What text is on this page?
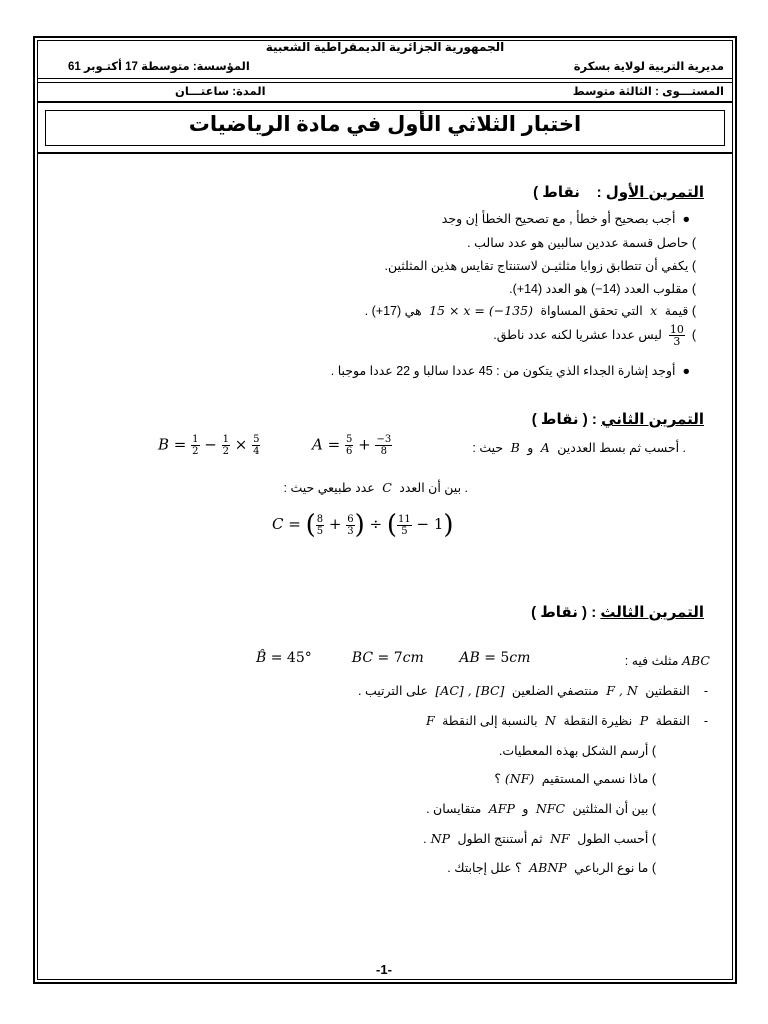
الجمهورية الجزائرية الديمقراطية الشعبية
مديرية التربية لولاية بسكرة
المؤسسة: متوسطة 17 أكتـوبر 61
المستـــوى : الثالثة متوسط
المدة: ساعتـــان
اختبار الثلاثي الأول في مادة الرياضيات
التمرين الأول :    نقاط )
●  أجب بصحيح أو خطأ , مع تصحيح الخطأ إن وجد
) حاصل قسمة عددين سالبين هو عدد سالب .
) يكفي أن تتطابق زوايا مثلثيـن لاستنتاج تقايس هذين المثلثين.
) مقلوب العدد (14−) هو العدد (14+).
) قيمة  x  التي تحقق المساواة  15 × x = (−135)  هي (17+) .
)
$\frac{10}{3}$
ليس عددا عشريا لكنه عدد ناطق.
●  أوجد إشارة الجداء الذي يتكون من : 45 عددا سالبا و 22 عددا موجبا .
التمرين الثاني : ( نقاط )
. أحسب ثم بسط العددين  A  و  B  حيث :
$A = \frac{5}{6} + \frac{-3}{8}$
$B = \frac{1}{2} - \frac{1}{2} \times \frac{5}{4}$
. بين أن العدد  C  عدد طبيعي حيث :
C = ( $\frac{8}{5} + \frac{6}{3}$ ) ÷ ( $\frac{11}{5} - 1$)
التمرين الثالث : ( نقاط )
ABC مثلث فيه :
B̂ = 45°         BC = 7cm	AB = 5cm
-    النقطتين  F , N  منتصفي الضلعين  [AC] , [BC]  على الترتيب .
-    النقطة  P  نظيرة النقطة  N  بالنسبة إلى النقطة  F
) أرسم الشكل بهذه المعطيات.
) ماذا نسمي المستقيم  (NF) ؟
) بين أن المثلثين  NFC  و  AFP  متقايسان .
) أحسب الطول  NF  ثم أستنتج الطول  NP .
) ما نوع الرباعي  ABNP  ؟ علل إجابتك .
-1-
